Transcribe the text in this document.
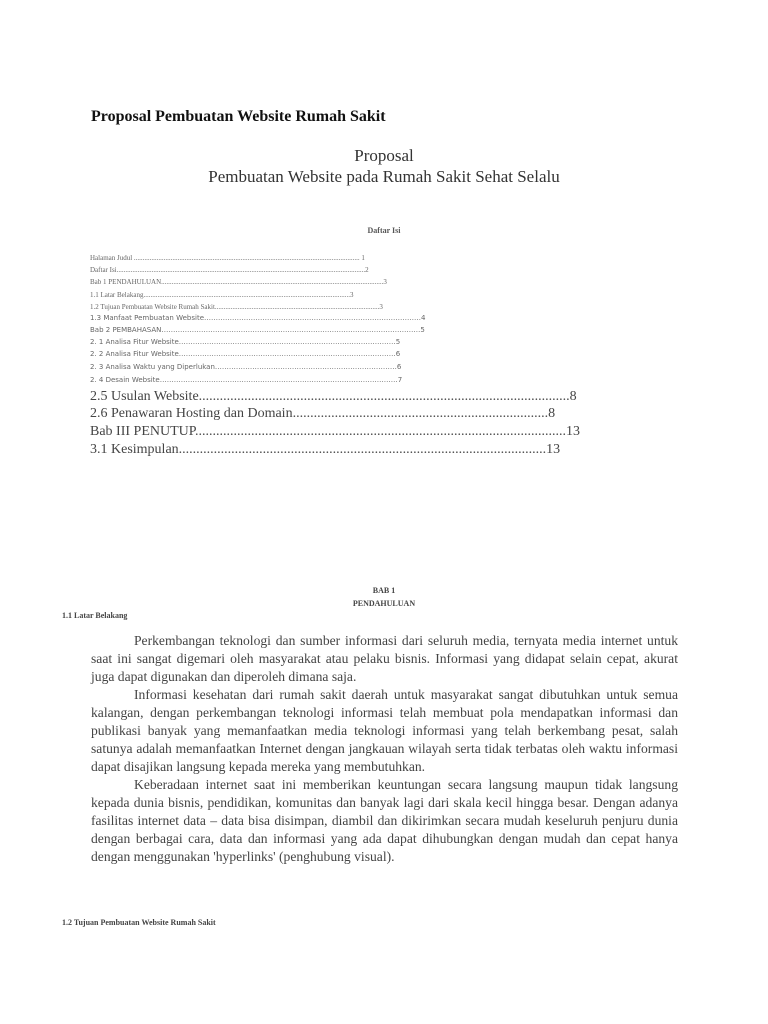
Proposal Pembuatan Website Rumah Sakit
Proposal
Pembuatan Website pada Rumah Sakit Sehat Selalu
Daftar Isi
Halaman Judul ................................................................................................................................. 1
Daftar Isi..............................................................................................................................................2
Bab 1 PENDAHULUAN...............................................................................................................................3
1.1 Latar Belakang......................................................................................................................3
1.2 Tujuan Pembuatan Website Rumah Sakit..............................................................................................3
1.3 Manfaat Pembuatan Website…………………………………………………………………………………4
Bab 2 PEMBAHASAN…………………………………………………………………………………………………5
2. 1 Analisa Fitur Website…………………………………………………………………………………5
2. 2 Analisa Fitur Website…………………………………………………………………………………6
2. 3 Analisa Waktu yang Diperlukan……………………………………………………………………6
2. 4 Desain Website…………………………………………………………………………………………7
2.5 Usulan Website..........................................................................................................8
2.6 Penawaran Hosting dan Domain.........................................................................8
Bab III PENUTUP..........................................................................................................13
3.1 Kesimpulan.........................................................................................................13
BAB 1
PENDAHULUAN
1.1 Latar Belakang

Perkembangan teknologi dan sumber informasi dari seluruh media, ternyata media internet untuk saat ini sangat digemari oleh masyarakat atau pelaku bisnis. Informasi yang didapat selain cepat, akurat juga dapat digunakan dan diperoleh dimana saja.

Informasi kesehatan dari rumah sakit daerah untuk masyarakat sangat dibutuhkan untuk semua kalangan, dengan perkembangan teknologi informasi telah membuat pola mendapatkan informasi dan publikasi banyak yang memanfaatkan media teknologi informasi yang telah berkembang pesat, salah satunya adalah memanfaatkan Internet dengan jangkauan wilayah serta tidak terbatas oleh waktu informasi dapat disajikan langsung kepada mereka yang membutuhkan.

Keberadaan internet saat ini memberikan keuntungan secara langsung maupun tidak langsung kepada dunia bisnis, pendidikan, komunitas dan banyak lagi dari skala kecil hingga besar. Dengan adanya fasilitas internet data – data bisa disimpan, diambil dan dikirimkan secara mudah keseluruh penjuru dunia dengan berbagai cara, data dan informasi yang ada dapat dihubungkan dengan mudah dan cepat hanya dengan menggunakan 'hyperlinks' (penghubung visual).

1.2 Tujuan Pembuatan Website Rumah Sakit
